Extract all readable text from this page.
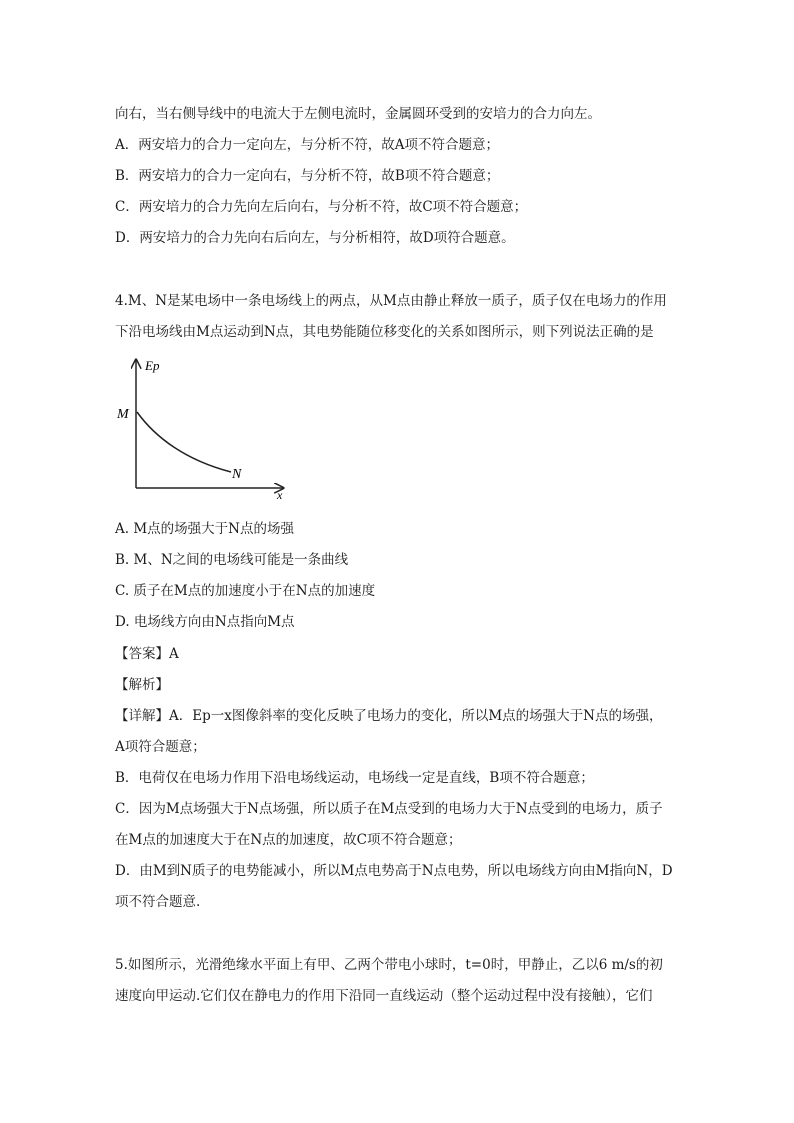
向右，当右侧导线中的电流大于左侧电流时，金属圆环受到的安培力的合力向左。
A．两安培力的合力一定向左，与分析不符，故A项不符合题意；
B．两安培力的合力一定向右，与分析不符，故B项不符合题意；
C．两安培力的合力先向左后向右，与分析不符，故C项不符合题意；
D．两安培力的合力先向右后向左，与分析相符，故D项符合题意。
4.M、N是某电场中一条电场线上的两点，从M点由静止释放一质子，质子仅在电场力的作用
下沿电场线由M点运动到N点，其电势能随位移变化的关系如图所示，则下列说法正确的是
Ep
x
M
N
A. M点的场强大于N点的场强
B. M、N之间的电场线可能是一条曲线
C. 质子在M点的加速度小于在N点的加速度
D. 电场线方向由N点指向M点
【答案】A
【解析】
【详解】A．Ep一x图像斜率的变化反映了电场力的变化，所以M点的场强大于N点的场强，
A项符合题意；
B．电荷仅在电场力作用下沿电场线运动，电场线一定是直线，B项不符合题意；
C．因为M点场强大于N点场强，所以质子在M点受到的电场力大于N点受到的电场力，质子
在M点的加速度大于在N点的加速度，故C项不符合题意；
D．由M到N质子的电势能减小，所以M点电势高于N点电势，所以电场线方向由M指向N，D
项不符合题意.
5.如图所示，光滑绝缘水平面上有甲、乙两个带电小球时，t=0时，甲静止，乙以6 m/s的初
速度向甲运动.它们仅在静电力的作用下沿同一直线运动（整个运动过程中没有接触），它们
